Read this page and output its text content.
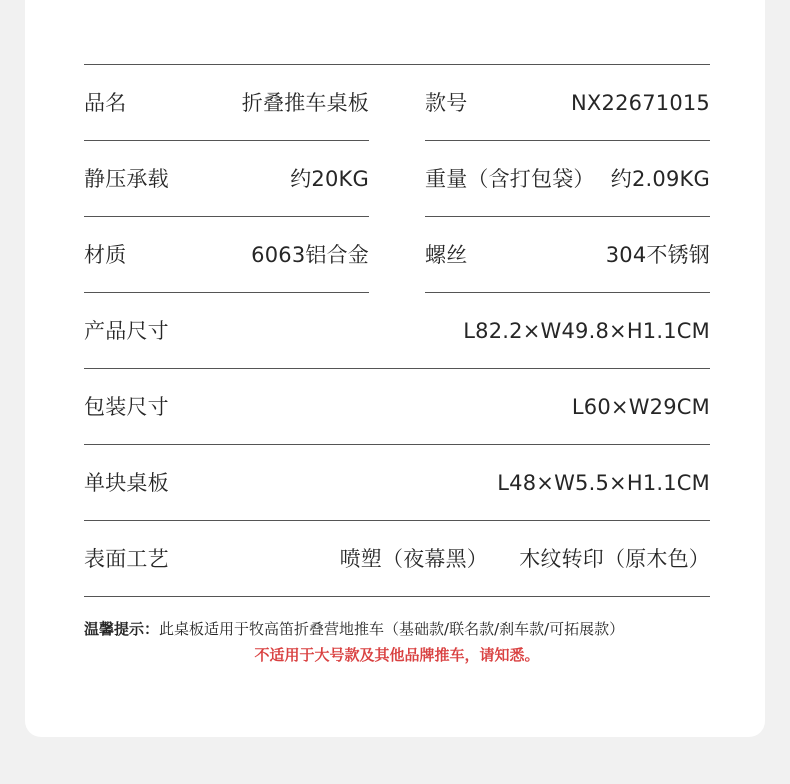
品名	折叠推车桌板	款号	NX22671015
静压承载	约20KG	重量（含打包袋） 约2.09KG
材质	6063铝合金	螺丝	304不锈钢
产品尺寸	L82.2×W49.8×H1.1CM
包装尺寸	L60×W29CM
单块桌板	L48×W5.5×H1.1CM
表面工艺	喷塑（夜幕黑） 木纹转印（原木色）
温馨提示：此桌板适用于牧高笛折叠营地推车（基础款/联名款/刹车款/可拓展款）
不适用于大号款及其他品牌推车，请知悉。
